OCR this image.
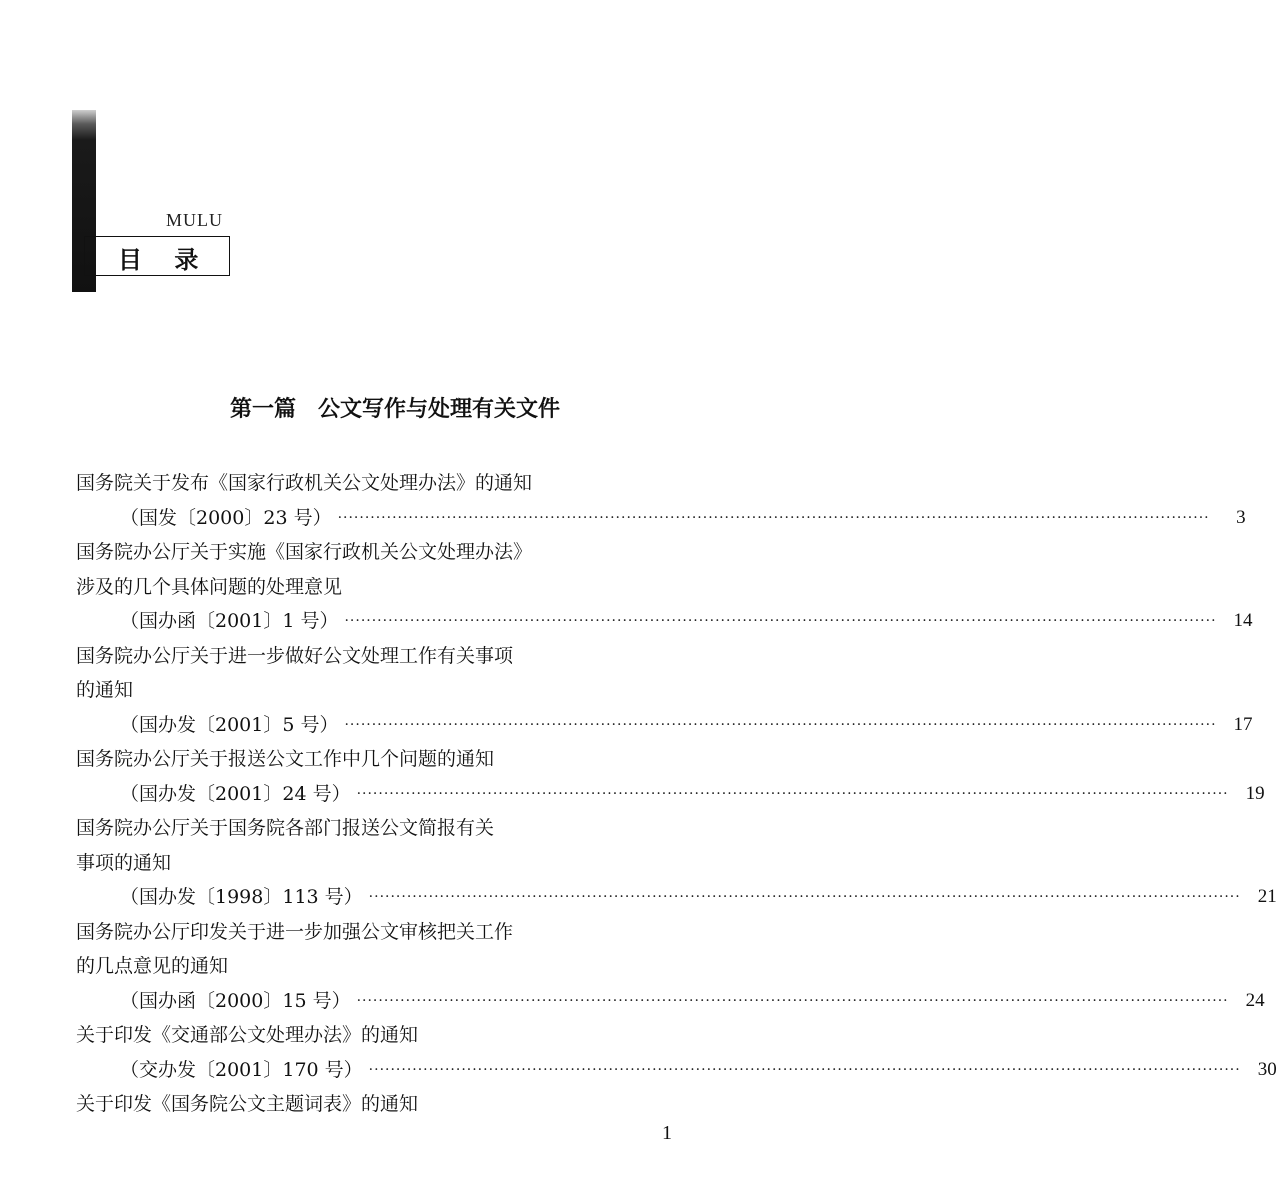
MULU
目 录
第一篇　公文写作与处理有关文件
国务院关于发布《国家行政机关公文处理办法》的通知
（国发〔2000〕23 号） ································································································································································	3
国务院办公厅关于实施《国家行政机关公文处理办法》
涉及的几个具体问题的处理意见
（国办函〔2001〕1 号） ································································································································································ 14
国务院办公厅关于进一步做好公文处理工作有关事项
的通知
（国办发〔2001〕5 号） ································································································································································ 17
国务院办公厅关于报送公文工作中几个问题的通知
（国办发〔2001〕24 号） ································································································································································ 19
国务院办公厅关于国务院各部门报送公文简报有关
事项的通知
（国办发〔1998〕113 号） ································································································································································ 21
国务院办公厅印发关于进一步加强公文审核把关工作
的几点意见的通知
（国办函〔2000〕15 号） ································································································································································ 24
关于印发《交通部公文处理办法》的通知
（交办发〔2001〕170 号） ································································································································································ 30
关于印发《国务院公文主题词表》的通知
1
